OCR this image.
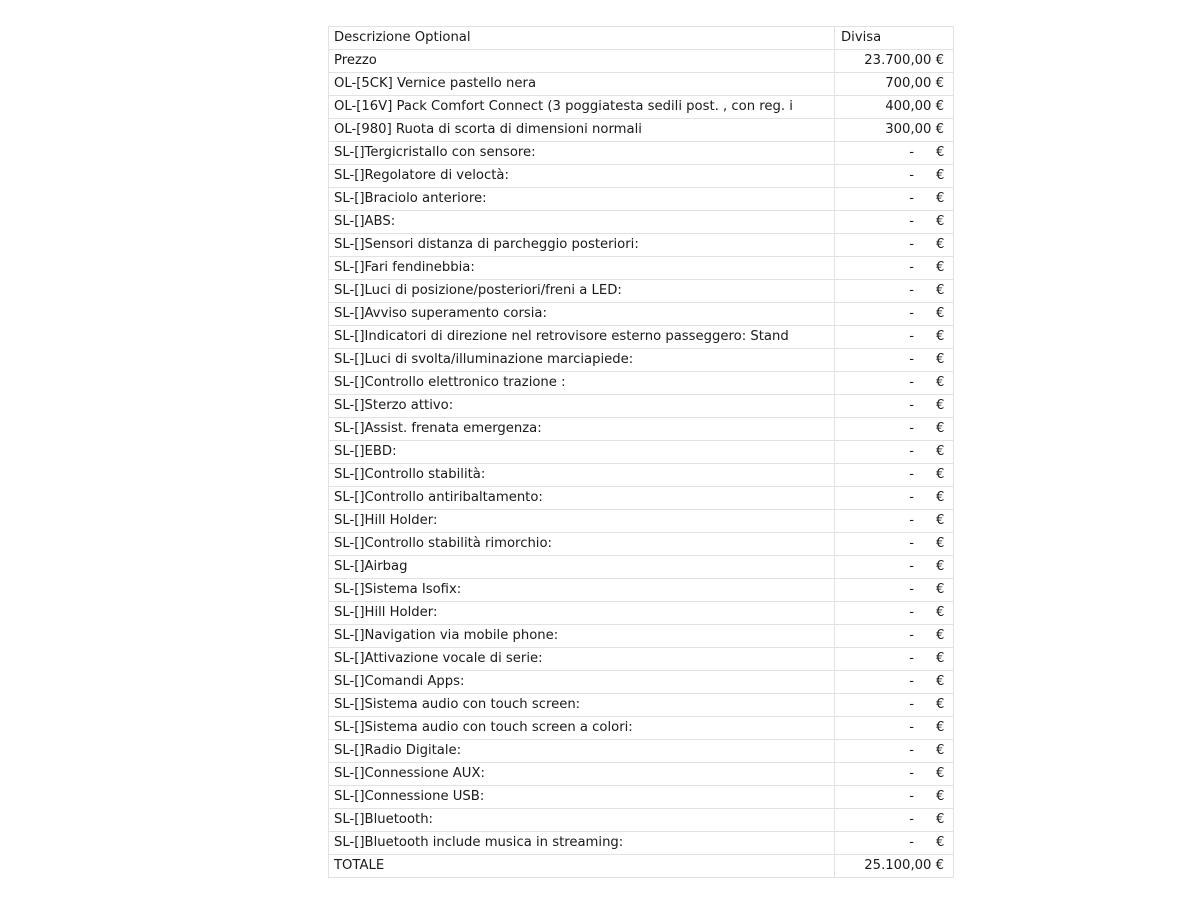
Descrizione Optional	Divisa
Prezzo	23.700,00 €
OL-[5CK] Vernice pastello nera	700,00 €
OL-[16V] Pack Comfort Connect (3 poggiatesta sedili post. , con reg. i	400,00 €
OL-[980] Ruota di scorta di dimensioni normali	300,00 €
SL-[]Tergicristallo con sensore:	- €

SL-[]Regolatore di veloctà:	- €

SL-[]Braciolo anteriore:	- €

SL-[]ABS:	- €

SL-[]Sensori distanza di parcheggio posteriori:	- €

SL-[]Fari fendinebbia:	- €

SL-[]Luci di posizione/posteriori/freni a LED:	- €

SL-[]Avviso superamento corsia:	- €

SL-[]Indicatori di direzione nel retrovisore esterno passeggero: Stand	- €

SL-[]Luci di svolta/illuminazione marciapiede:	- €

SL-[]Controllo elettronico trazione :	- €

SL-[]Sterzo attivo:	- €

SL-[]Assist. frenata emergenza:	- €

SL-[]EBD:	- €

SL-[]Controllo stabilità:	- €

SL-[]Controllo antiribaltamento:	- €

SL-[]Hill Holder:	- €

SL-[]Controllo stabilità rimorchio:	- €

SL-[]Airbag	- €

SL-[]Sistema Isofix:	- €

SL-[]Hill Holder:	- €

SL-[]Navigation via mobile phone:	- €

SL-[]Attivazione vocale di serie:	- €

SL-[]Comandi Apps:	- €

SL-[]Sistema audio con touch screen:	- €

SL-[]Sistema audio con touch screen a colori:	- €

SL-[]Radio Digitale:	- €

SL-[]Connessione AUX:	- €

SL-[]Connessione USB:	- €

SL-[]Bluetooth:	- €

SL-[]Bluetooth include musica in streaming:	- €

TOTALE	25.100,00 €
